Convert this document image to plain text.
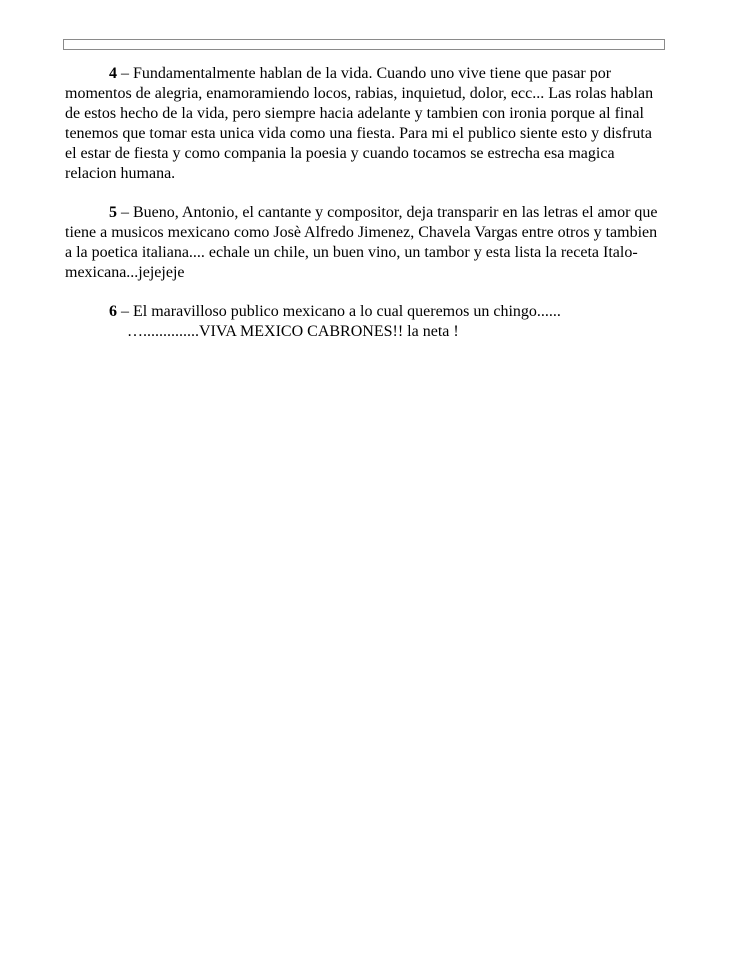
4 – Fundamentalmente hablan de la vida. Cuando uno vive tiene que pasar por momentos de alegria, enamoramiendo locos, rabias, inquietud, dolor, ecc... Las rolas hablan de estos hecho de la vida, pero siempre hacia adelante y tambien con ironia porque al final tenemos que tomar esta unica vida como una fiesta. Para mi el publico siente esto y disfruta el estar de fiesta y como compania la poesia y cuando tocamos se estrecha esa magica relacion humana.

5 – Bueno, Antonio, el cantante y compositor, deja transparir en las letras el amor que tiene a musicos mexicano como Josè Alfredo Jimenez, Chavela Vargas entre otros y tambien a la poetica italiana.... echale un chile, un buen vino, un tambor y esta lista la receta Italo-mexicana...jejejeje

6 – El maravilloso publico mexicano a lo cual queremos un chingo......
…..............VIVA MEXICO CABRONES!! la neta !
